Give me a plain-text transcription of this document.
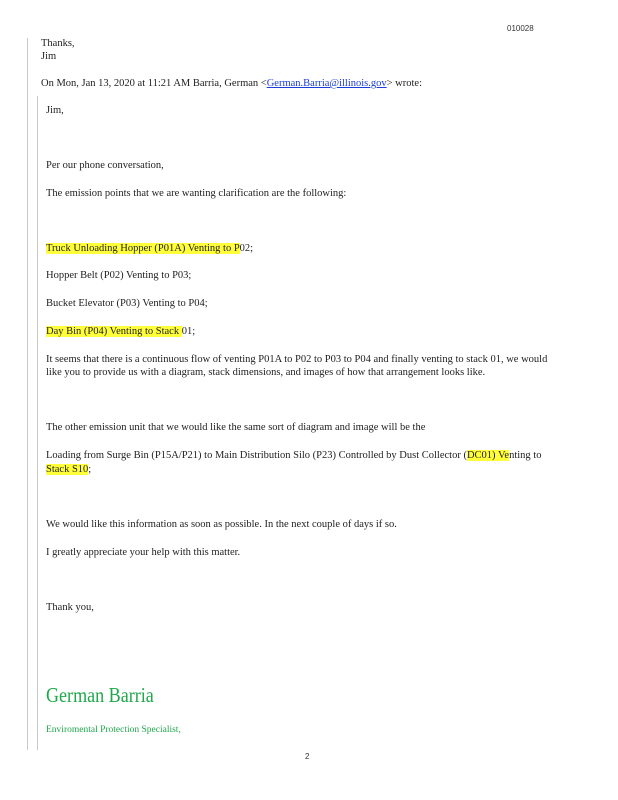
010028
Thanks,
Jim
On Mon, Jan 13, 2020 at 11:21 AM Barria, German <German.Barria@illinois.gov> wrote:
Jim,
Per our phone conversation,
The emission points that we are wanting clarification are the following:
Truck Unloading Hopper (P01A) Venting to P02;
Hopper Belt (P02) Venting to P03;
Bucket Elevator (P03) Venting to P04;
Day Bin (P04) Venting to Stack 01;
It seems that there is a continuous flow of venting P01A to P02 to P03 to P04 and finally venting to stack 01, we would
like you to provide us with a diagram, stack dimensions, and images of how that arrangement looks like.
The other emission unit that we would like the same sort of diagram and image will be the
Loading from Surge Bin (P15A/P21) to Main Distribution Silo (P23) Controlled by Dust Collector (DC01) Venting to
Stack S10;
We would like this information as soon as possible. In the next couple of days if so.
I greatly appreciate your help with this matter.
Thank you,
German Barria
Enviromental Protection Specialist,
2
